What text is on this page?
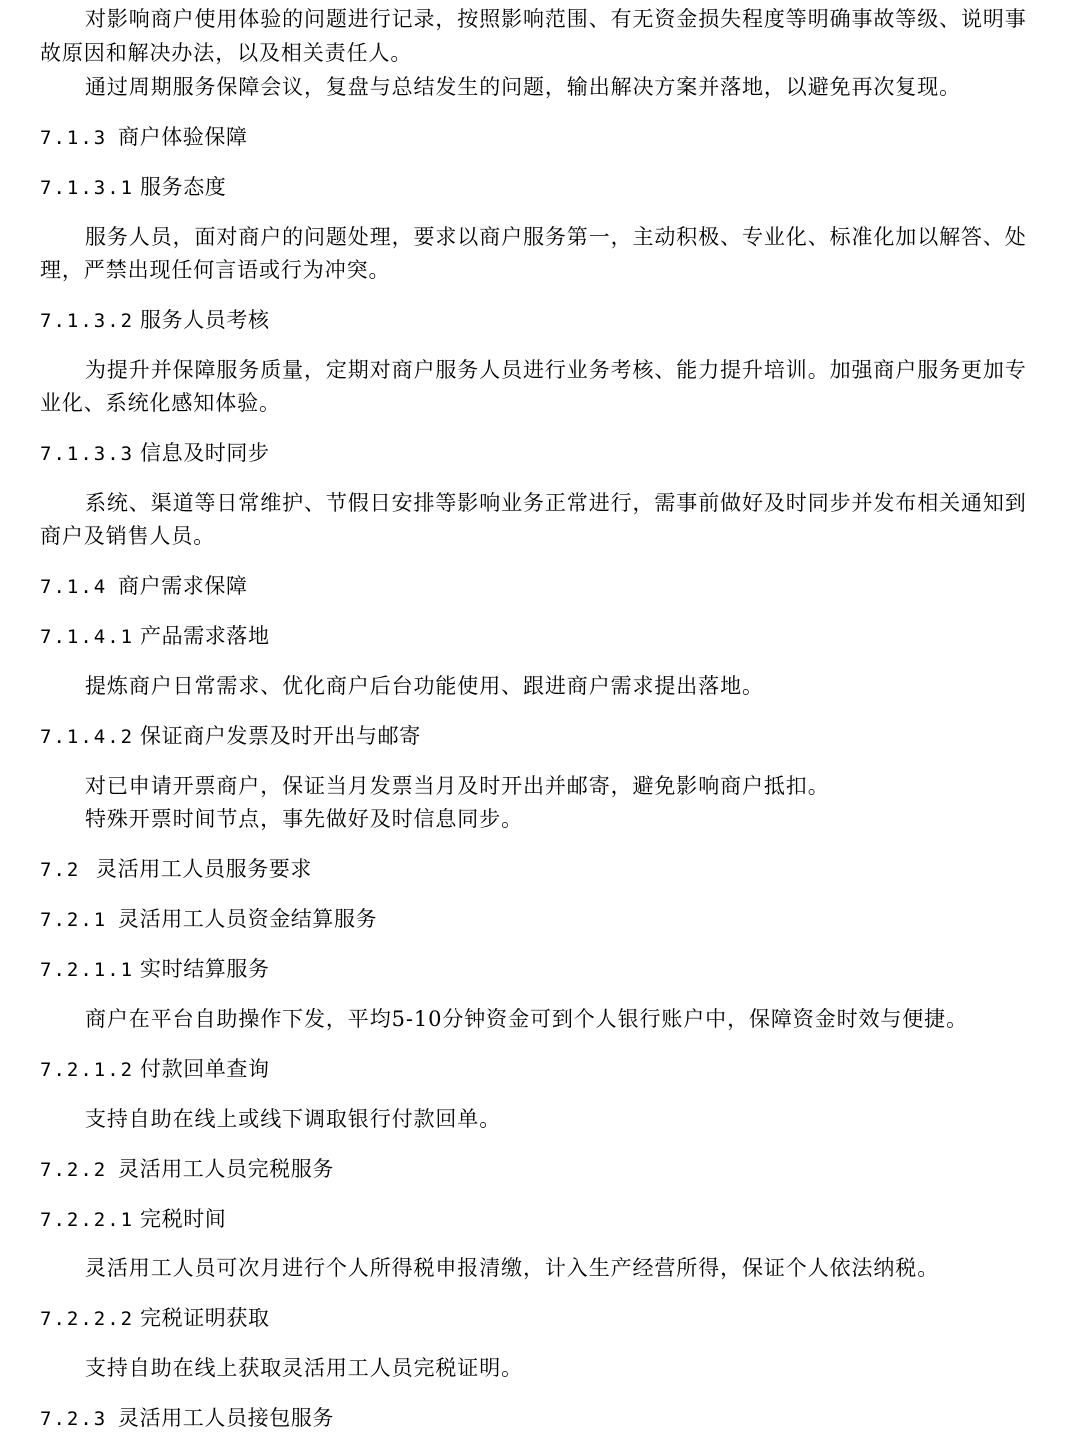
对影响商户使用体验的问题进行记录，按照影响范围、有无资金损失程度等明确事故等级、说明事
故原因和解决办法，以及相关责任人。
通过周期服务保障会议，复盘与总结发生的问题，输出解决方案并落地，以避免再次复现。
7.1.3 商户体验保障
7.1.3.1 服务态度
服务人员，面对商户的问题处理，要求以商户服务第一，主动积极、专业化、标准化加以解答、处
理，严禁出现任何言语或行为冲突。
7.1.3.2 服务人员考核
为提升并保障服务质量，定期对商户服务人员进行业务考核、能力提升培训。加强商户服务更加专
业化、系统化感知体验。
7.1.3.3 信息及时同步
系统、渠道等日常维护、节假日安排等影响业务正常进行，需事前做好及时同步并发布相关通知到
商户及销售人员。
7.1.4 商户需求保障
7.1.4.1 产品需求落地
提炼商户日常需求、优化商户后台功能使用、跟进商户需求提出落地。
7.1.4.2 保证商户发票及时开出与邮寄
对已申请开票商户，保证当月发票当月及时开出并邮寄，避免影响商户抵扣。
特殊开票时间节点，事先做好及时信息同步。
7.2 灵活用工人员服务要求
7.2.1 灵活用工人员资金结算服务
7.2.1.1 实时结算服务
商户在平台自助操作下发，平均5-10分钟资金可到个人银行账户中，保障资金时效与便捷。
7.2.1.2 付款回单查询
支持自助在线上或线下调取银行付款回单。
7.2.2 灵活用工人员完税服务
7.2.2.1 完税时间
灵活用工人员可次月进行个人所得税申报清缴，计入生产经营所得，保证个人依法纳税。
7.2.2.2 完税证明获取
支持自助在线上获取灵活用工人员完税证明。
7.2.3 灵活用工人员接包服务
